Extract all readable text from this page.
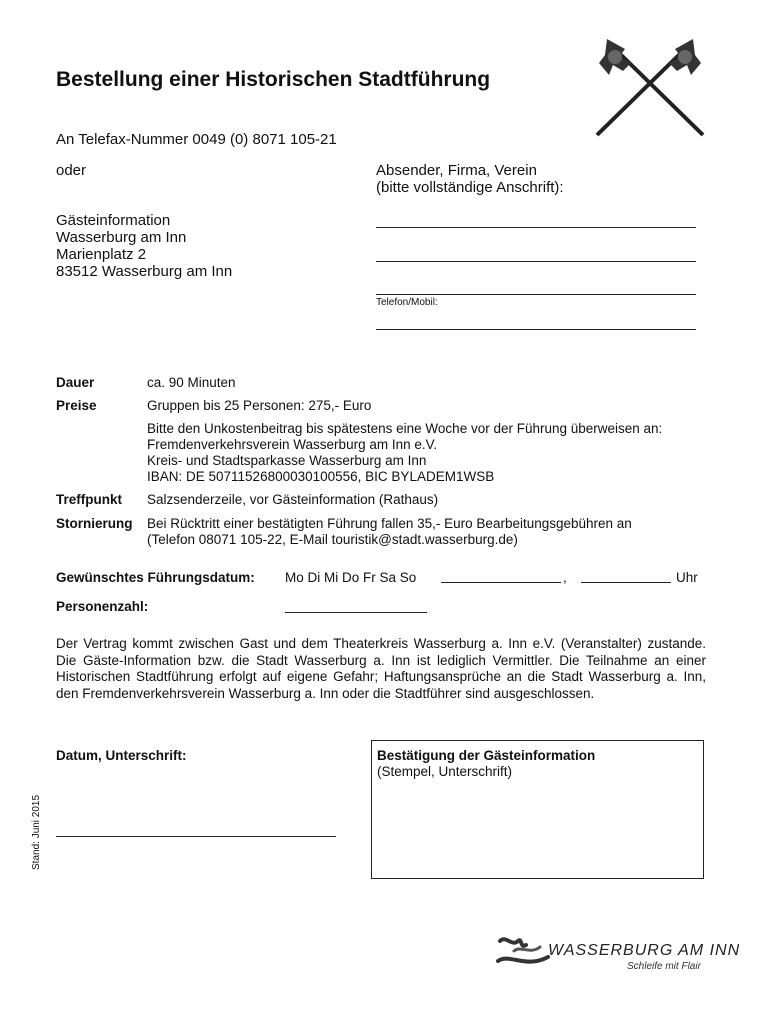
Bestellung einer Historischen Stadtführung
An Telefax-Nummer 0049 (0) 8071 105-21
oder
Gästeinformation
Wasserburg am Inn
Marienplatz 2
83512 Wasserburg am Inn
Absender, Firma, Verein
(bitte vollständige Anschrift):
Telefon/Mobil:
Dauer	ca. 90 Minuten
Preise	Gruppen bis 25 Personen: 275,- Euro
Bitte den Unkostenbeitrag bis spätestens eine Woche vor der Führung überweisen an:
Fremdenverkehrsverein Wasserburg am Inn e.V.
Kreis- und Stadtsparkasse Wasserburg am Inn
IBAN: DE 50711526800030100556, BIC BYLADEM1WSB
Treffpunkt Salzsenderzeile, vor Gästeinformation (Rathaus)
Stornierung Bei Rücktritt einer bestätigten Führung fallen 35,- Euro Bearbeitungsgebühren an
(Telefon 08071 105-22, E-Mail touristik@stadt.wasserburg.de)
Gewünschtes Führungsdatum: Mo Di Mi Do Fr Sa So	,	Uhr
Personenzahl:
Der Vertrag kommt zwischen Gast und dem Theaterkreis Wasserburg a. Inn e.V. (Veranstalter) zustande. Die Gäste-Information bzw. die Stadt Wasserburg a. Inn ist lediglich Vermittler. Die Teilnahme an einer Historischen Stadtführung erfolgt auf eigene Gefahr; Haftungsansprüche an die Stadt Wasserburg a. Inn, den Fremdenverkehrsverein Wasserburg a. Inn oder die Stadtführer sind ausgeschlossen.
Datum, Unterschrift:	Bestätigung der Gästeinformation
(Stempel, Unterschrift)
Stand: Juni 2015
WASSERBURG AM INN
Schleife mit Flair
